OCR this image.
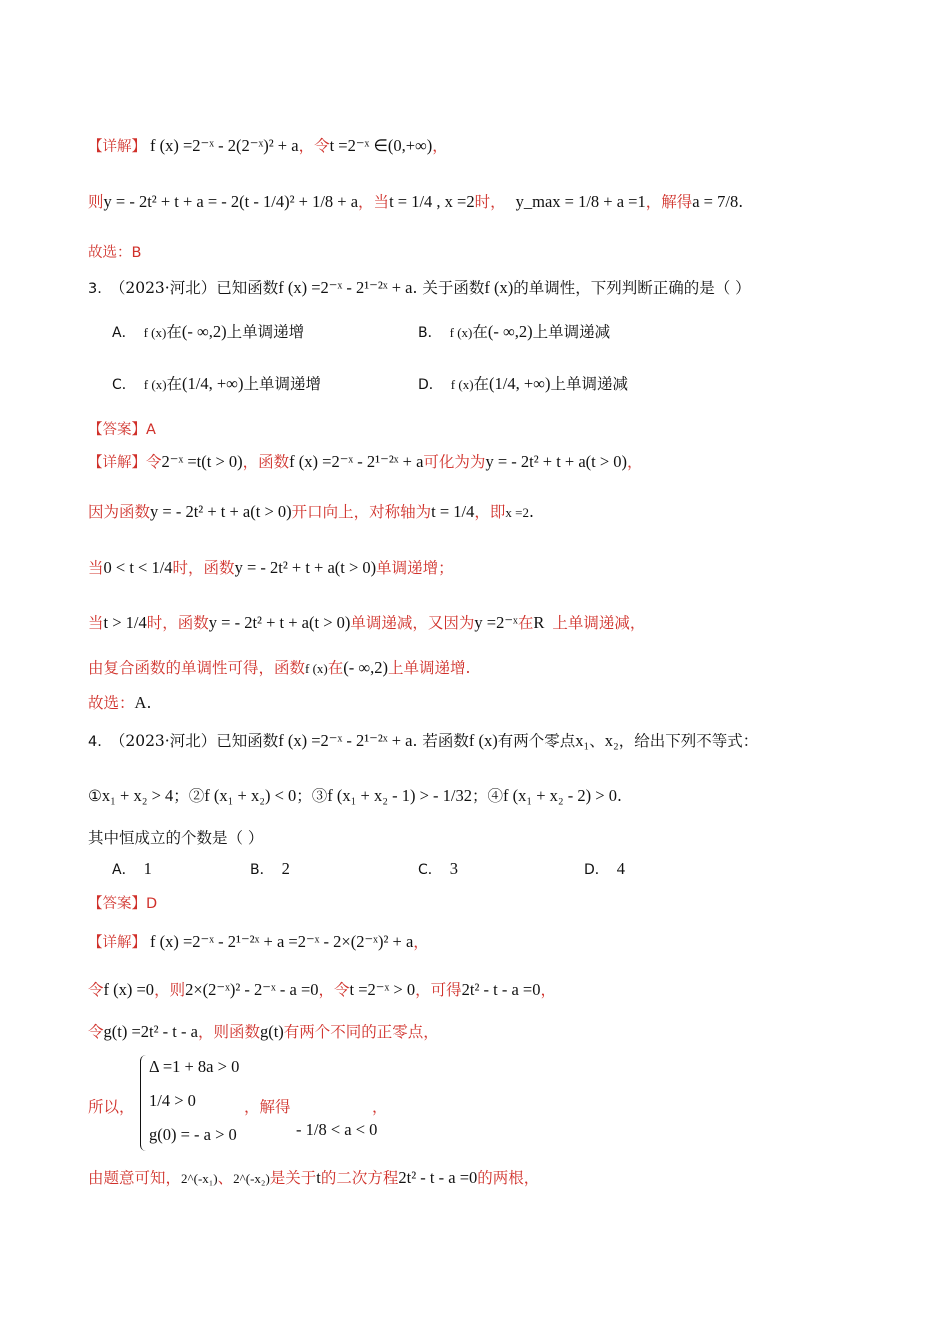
【详解】 f (x) =2⁻ˣ - 2(2⁻ˣ)² + a，令t =2⁻ˣ ∈(0,+∞)，
则y = - 2t² + t + a = - 2(t - 1/4)² + 1/8 + a，当t = 1/4 , x =2时， y_max = 1/8 + a =1，解得a = 7/8.
故选：B
3. （2023·河北）已知函数f (x) =2⁻ˣ - 2¹⁻²ˣ + a. 关于函数f (x)的单调性，下列判断正确的是（ ）
A． f (x)在(- ∞,2)上单调递增	B． f (x)在(- ∞,2)上单调递减
C． f (x)在(1/4, +∞)上单调递增	D． f (x)在(1/4, +∞)上单调递减
【答案】A
【详解】令2⁻ˣ =t(t > 0)，函数f (x) =2⁻ˣ - 2¹⁻²ˣ + a可化为为y = - 2t² + t + a(t > 0)，
因为函数y = - 2t² + t + a(t > 0)开口向上，对称轴为t = 1/4，即x =2.
当0 < t < 1/4时，函数y = - 2t² + t + a(t > 0)单调递增；
当t > 1/4时，函数y = - 2t² + t + a(t > 0)单调递减，又因为y =2⁻ˣ在R 上单调递减，
由复合函数的单调性可得，函数f (x)在(- ∞,2)上单调递增.
故选：A.
4. （2023·河北）已知函数f (x) =2⁻ˣ - 2¹⁻²ˣ + a. 若函数f (x)有两个零点x₁、x₂，给出下列不等式：
①x₁ + x₂ > 4；②f (x₁ + x₂) < 0；③f (x₁ + x₂ - 1) > - 1/32；④f (x₁ + x₂ - 2) > 0.
其中恒成立的个数是（ ）
A． 1	B． 2	C． 3	D． 4
【答案】D
【详解】 f (x) =2⁻ˣ - 2¹⁻²ˣ + a =2⁻ˣ - 2×(2⁻ˣ)² + a，
令f (x) =0，则2×(2⁻ˣ)² - 2⁻ˣ - a =0，令t =2⁻ˣ > 0，可得2t² - t - a =0，
令g(t) =2t² - t - a，则函数g(t)有两个不同的正零点，
所以，
Δ =1 + 8a > 0
1/4 > 0
g(0) = - a > 0
，解得
- 1/8 < a < 0
，
由题意可知，2^(-x₁)、2^(-x₂)是关于t的二次方程2t² - t - a =0的两根，
